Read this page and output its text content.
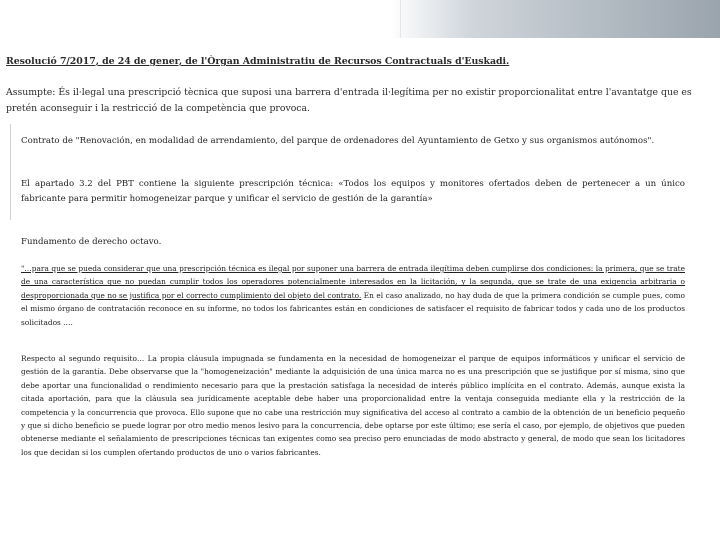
Resolució 7/2017, de 24 de gener, de l'Òrgan Administratiu de Recursos Contractuals d'Euskadi.
Assumpte: És il·legal una prescripció tècnica que suposi una barrera d'entrada il·legítima per no existir proporcionalitat entre l'avantatge que es pretén aconseguir i la restricció de la competència que provoca.
Contrato de "Renovación, en modalidad de arrendamiento, del parque de ordenadores del Ayuntamiento de Getxo y sus organismos autónomos".
El apartado 3.2 del PBT contiene la siguiente prescripción técnica: «Todos los equipos y monitores ofertados deben de pertenecer a un único fabricante para permitir homogeneizar parque y unificar el servicio de gestión de la garantía»
Fundamento de derecho octavo.
"…para que se pueda considerar que una prescripción técnica es ilegal por suponer una barrera de entrada ilegítima deben cumplirse dos condiciones: la primera, que se trate de una característica que no puedan cumplir todos los operadores potencialmente interesados en la licitación, y la segunda, que se trate de una exigencia arbitraria o desproporcionada que no se justifica por el correcto cumplimiento del objeto del contrato. En el caso analizado, no hay duda de que la primera condición se cumple pues, como el mismo órgano de contratación reconoce en su informe, no todos los fabricantes están en condiciones de satisfacer el requisito de fabricar todos y cada uno de los productos solicitados ….
Respecto al segundo requisito… La propia cláusula impugnada se fundamenta en la necesidad de homogeneizar el parque de equipos informáticos y unificar el servicio de gestión de la garantía. Debe observarse que la "homogeneización" mediante la adquisición de una única marca no es una prescripción que se justifique por sí misma, sino que debe aportar una funcionalidad o rendimiento necesario para que la prestación satisfaga la necesidad de interés público implícita en el contrato. Además, aunque exista la citada aportación, para que la cláusula sea jurídicamente aceptable debe haber una proporcionalidad entre la ventaja conseguida mediante ella y la restricción de la competencia y la concurrencia que provoca. Ello supone que no cabe una restricción muy significativa del acceso al contrato a cambio de la obtención de un beneficio pequeño y que si dicho beneficio se puede lograr por otro medio menos lesivo para la concurrencia, debe optarse por este último; ese sería el caso, por ejemplo, de objetivos que pueden obtenerse mediante el señalamiento de prescripciones técnicas tan exigentes como sea preciso pero enunciadas de modo abstracto y general, de modo que sean los licitadores los que decidan si los cumplen ofertando productos de uno o varios fabricantes.
